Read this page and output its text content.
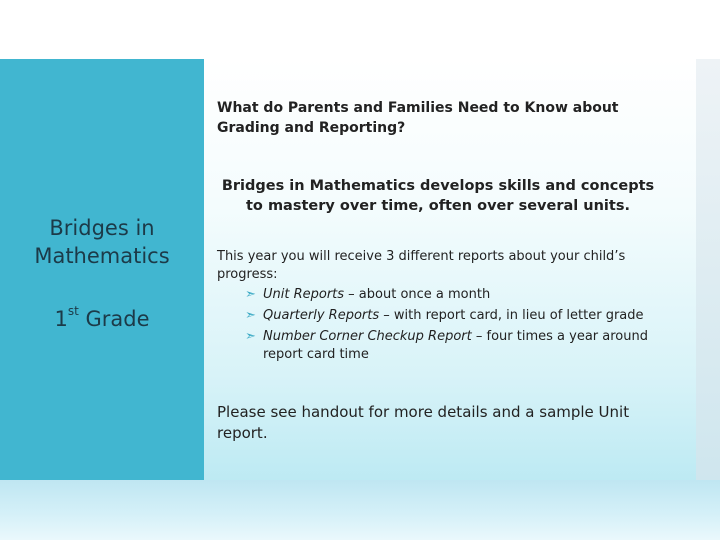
Bridges in
Mathematics
1st Grade
What do Parents and Families Need to Know about Grading and Reporting?
Bridges in Mathematics develops skills and concepts to mastery over time, often over several units.
This year you will receive 3 different reports about your child’s progress:
➣ Unit Reports – about once a month
➣ Quarterly Reports – with report card, in lieu of letter grade
➣ Number Corner Checkup Report – four times a year around report card time
Please see handout for more details and a sample Unit report.
